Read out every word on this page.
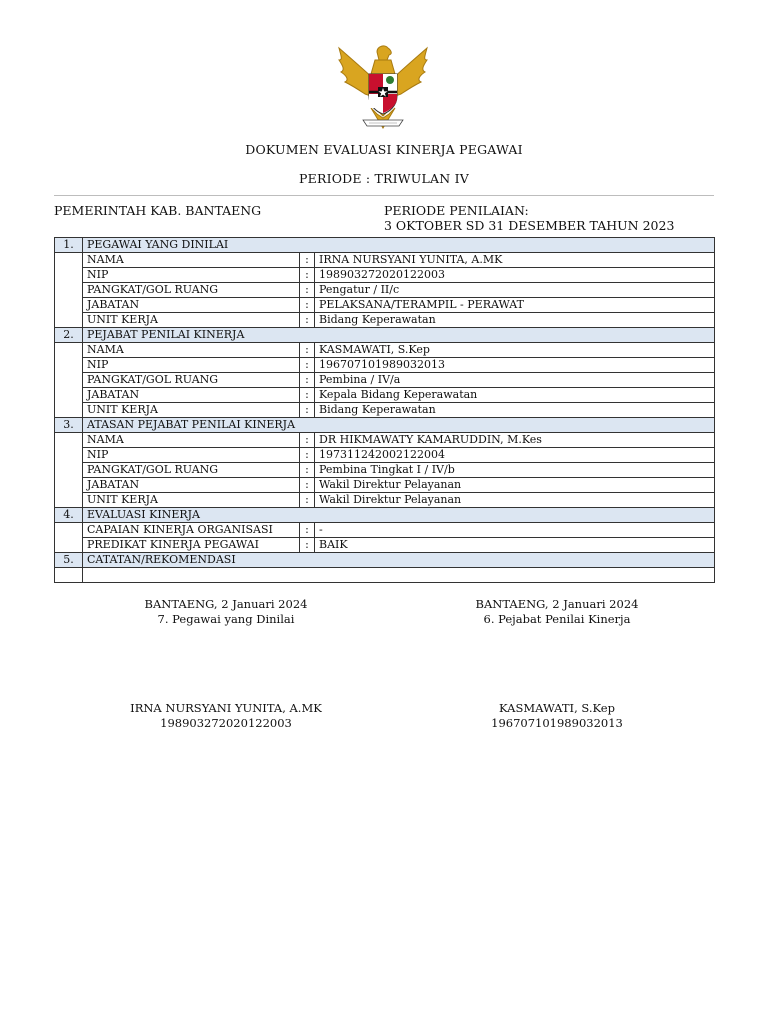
DOKUMEN EVALUASI KINERJA PEGAWAI
PERIODE : TRIWULAN IV
PEMERINTAH KAB. BANTAENG	PERIODE PENILAIAN:
3 OKTOBER SD 31 DESEMBER TAHUN 2023
1.	PEGAWAI YANG DINILAI		
	NAMA	:	IRNA NURSYANI YUNITA, A.MK
	NIP	:	198903272020122003
	PANGKAT/GOL RUANG	:	Pengatur / II/c
	JABATAN	:	PELAKSANA/TERAMPIL - PERAWAT
	UNIT KERJA	:	Bidang Keperawatan
2.	PEJABAT PENILAI KINERJA		
	NAMA	:	KASMAWATI, S.Kep
	NIP	:	196707101989032013
	PANGKAT/GOL RUANG	:	Pembina / IV/a
	JABATAN	:	Kepala Bidang Keperawatan
	UNIT KERJA	:	Bidang Keperawatan
3.	ATASAN PEJABAT PENILAI KINERJA		
	NAMA	:	DR HIKMAWATY KAMARUDDIN, M.Kes
	NIP	:	197311242002122004
	PANGKAT/GOL RUANG	:	Pembina Tingkat I / IV/b
	JABATAN	:	Wakil Direktur Pelayanan
	UNIT KERJA	:	Wakil Direktur Pelayanan
4.	EVALUASI KINERJA		
	CAPAIAN KINERJA ORGANISASI	:	-
	PREDIKAT KINERJA PEGAWAI	:	BAIK
5.	CATATAN/REKOMENDASI		

BANTAENG, 2 Januari 2024
7. Pegawai yang Dinilai
IRNA NURSYANI YUNITA, A.MK
198903272020122003
BANTAENG, 2 Januari 2024
6. Pejabat Penilai Kinerja
KASMAWATI, S.Kep
196707101989032013
